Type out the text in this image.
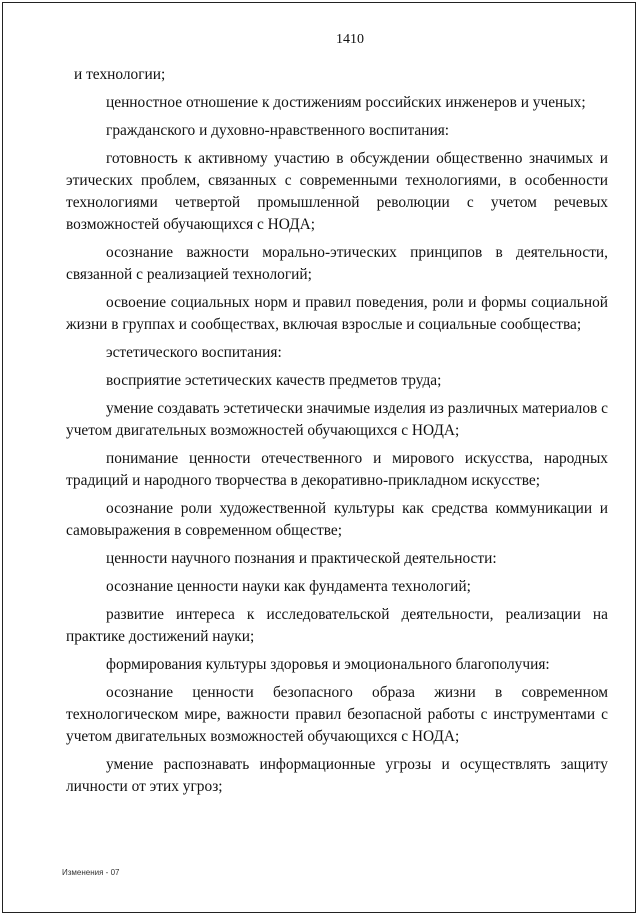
1410

и технологии;

ценностное отношение к достижениям российских инженеров и ученых;

гражданского и духовно-нравственного воспитания:

готовность к активному участию в обсуждении общественно значимых и этических проблем, связанных с современными технологиями, в особенности технологиями четвертой промышленной революции с учетом речевых возможностей обучающихся с НОДА;

осознание важности морально-этических принципов в деятельности, связанной с реализацией технологий;

освоение социальных норм и правил поведения, роли и формы социальной жизни в группах и сообществах, включая взрослые и социальные сообщества;

эстетического воспитания:

восприятие эстетических качеств предметов труда;

умение создавать эстетически значимые изделия из различных материалов с учетом двигательных возможностей обучающихся с НОДА;

понимание ценности отечественного и мирового искусства, народных традиций и народного творчества в декоративно-прикладном искусстве;

осознание роли художественной культуры как средства коммуникации и самовыражения в современном обществе;

ценности научного познания и практической деятельности:

осознание ценности науки как фундамента технологий;

развитие интереса к исследовательской деятельности, реализации на практике достижений науки;

формирования культуры здоровья и эмоционального благополучия:

осознание ценности безопасного образа жизни в современном технологическом мире, важности правил безопасной работы с инструментами с учетом двигательных возможностей обучающихся с НОДА;

умение распознавать информационные угрозы и осуществлять защиту личности от этих угроз;

Изменения - 07
